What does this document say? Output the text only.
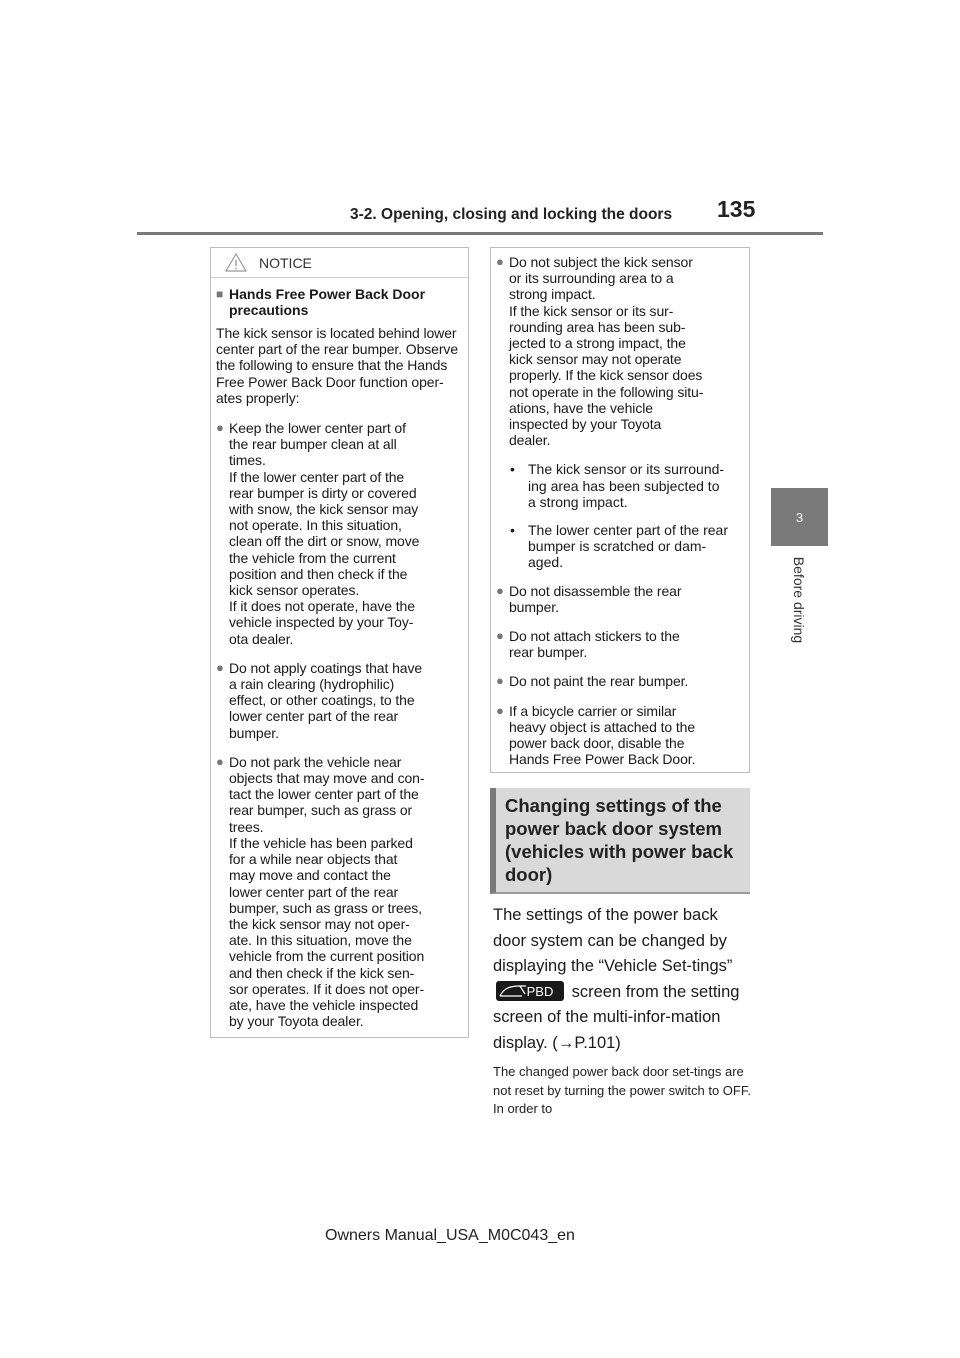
3-2. Opening, closing and locking the doors 135
3
Before driving
NOTICE
■ Hands Free Power Back Door precautions

The kick sensor is located behind lower center part of the rear bumper. Observe the following to ensure that the Hands Free Power Back Door function oper-ates properly:

● Keep the lower center part of
the rear bumper clean at all
times.
If the lower center part of the
rear bumper is dirty or covered
with snow, the kick sensor may
not operate. In this situation,
clean off the dirt or snow, move
the vehicle from the current
position and then check if the
kick sensor operates.
If it does not operate, have the
vehicle inspected by your Toy-
ota dealer.
● Do not apply coatings that have
a rain clearing (hydrophilic)
effect, or other coatings, to the
lower center part of the rear
bumper.
● Do not park the vehicle near
objects that may move and con-
tact the lower center part of the
rear bumper, such as grass or
trees.
If the vehicle has been parked
for a while near objects that
may move and contact the
lower center part of the rear
bumper, such as grass or trees,
the kick sensor may not oper-
ate. In this situation, move the
vehicle from the current position
and then check if the kick sen-
sor operates. If it does not oper-
ate, have the vehicle inspected
by your Toyota dealer.
● Do not subject the kick sensor
or its surrounding area to a
strong impact.
If the kick sensor or its sur-
rounding area has been sub-
jected to a strong impact, the
kick sensor may not operate
properly. If the kick sensor does
not operate in the following situ-
ations, have the vehicle
inspected by your Toyota
dealer.
• The kick sensor or its surround-
ing area has been subjected to
a strong impact.
• The lower center part of the rear
bumper is scratched or dam-
aged.
● Do not disassemble the rear
bumper.
● Do not attach stickers to the
rear bumper.
● Do not paint the rear bumper.
● If a bicycle carrier or similar
heavy object is attached to the
power back door, disable the
Hands Free Power Back Door.
Changing settings of the power back door system (vehicles with power back door)
The settings of the power back door system can be changed by displaying the “Vehicle Set-tings”
PBD screen from the setting screen of the multi-infor-mation display. (→P.101)
The changed power back door set-tings are not reset by turning the power switch to OFF. In order to
Owners Manual_USA_M0C043_en
